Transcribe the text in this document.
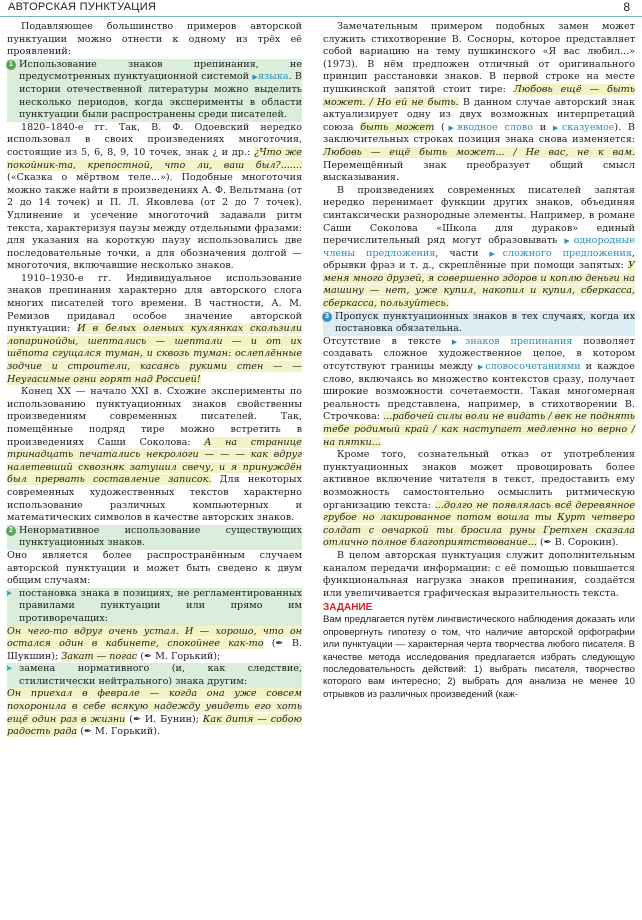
АВТОРСКАЯ ПУНКТУАЦИЯ	8

Подавляющее большинство примеров авторской пунктуации можно отнести к одному из трёх её проявлений:

1 Использование знаков препинания, не предусмотренных пунктуационной системой ▶языка. В истории отечественной литературы можно выделить несколько периодов, когда эксперименты в области пунктуации были распространены среди писателей.

1820–1840-е гг. Так, В. Ф. Одоевский нередко использовал в своих произведениях многоточия, состоящие из 5, 6, 8, 9, 10 точек, знак ¿ и др.: ¿Что же покойник-та, крепостной, что ли, ваш был?....... («Сказка о мёртвом теле...»). Подобные многоточия можно также найти в произведениях А. Ф. Вельтмана (от 2 до 14 точек) и П. Л. Яковлева (от 2 до 7 точек). Удлинение и усечение многоточий задавали ритм текста, характеризуя паузы между отдельными фразами: для указания на короткую паузу использовались две последовательные точки, а для обозначения долгой — многоточия, включавшие несколько знаков.

1910–1930-е гг. Индивидуальное использование знаков препинания характерно для авторского слога многих писателей того времени. В частности, А. М. Ремизов придавал особое значение авторской пунктуации: И в белых оленьих кухлянках скользили лопаринойды, шептались — шептали — и от их шёпота сгущался туман, и сквозь туман: ослеплённые зодчие и строители, касаясь рукими стен — — Неугасимые огни горят над Россией!

Конец XX — начало XXI в. Схожие эксперименты по использованию пунктуационных знаков свойственны произведениям современных писателей. Так, помещённые подряд тире можно встретить в произведениях Саши Соколова: А на странице тринадцать печатались некрологи — — — как вдруг налетевший сквозняк затушил свечу, и я принуждён был прервать составление записок. Для некоторых современных художественных текстов характерно использование различных компьютерных и математических символов в качестве авторских знаков.

2 Ненормативное использование существующих пунктуационных знаков.

Оно является более распространённым случаем авторской пунктуации и может быть сведено к двум общим случаям:

➤ постановка знака в позициях, не регламентированных правилами пунктуации или прямо им противоречащих:

Он чего-то вдруг очень устал. И — хорошо, что он остался один в кабинете, спокойнее как-то (✒ В. Шукшин); Закат — погас (✒ М. Горький);

➤ замена нормативного (и, как следствие, стилистически нейтрального) знака другим:

Он приехал в феврале — когда она уже совсем похоронила в себе всякую надежду увидеть его хоть ещё один раз в жизни (✒ И. Бунин); Как дитя — собою радость рада (✒ М. Горький).

Замечательным примером подобных замен может служить стихотворение В. Сосноры, которое представляет собой вариацию на тему пушкинского «Я вас любил...» (1973). В нём предложен отличный от оригинального принцип расстановки знаков. В первой строке на месте пушкинской запятой стоит тире: Любовь ещё — быть может. / Но ей не быть. В данном случае авторский знак актуализирует одну из двух возможных интерпретаций союза быть может (▶вводное слово и ▶сказуемое). В заключительных строках позиция знака снова изменяется: Любовь — ещё быть может... / Не вас, не к вам. Перемещённый знак преобразует общий смысл высказывания.

В произведениях современных писателей запятая нередко перенимает функции других знаков, объединяя синтаксически разнородные элементы. Например, в романе Саши Соколова «Школа для дураков» единый перечислительный ряд могут образовывать ▶однородные члены предложения, части ▶сложного предложения, обрывки фраз и т. д., скреплённые при помощи запятых: У меня много друзей, я совершенно здоров и коплю деньги на машину — нет, уже купил, накопил и купил, сберкасса, сберкасса, пользуйтесь.

3 Пропуск пунктуационных знаков в тех случаях, когда их постановка обязательна.

Отсутствие в тексте ▶знаков препинания позволяет создавать сложное художественное целое, в котором отсутствуют границы между ▶словосочетаниями и каждое слово, включаясь во множество контекстов сразу, получает широкие возможности сочетаемости. Такая многомерная реальность представлена, например, в стихотворении В. Строчкова: ...рабочей силы воли не видать / век не поднять тебе родимый край / как наступает медленно но верно / на пятки...

Кроме того, сознательный отказ от употребления пунктуационных знаков может провоцировать более активное включение читателя в текст, предоставить ему возможность самостоятельно осмыслить ритмическую организацию текста: ...долго не появлялась всё деревянное грубое но лакированное потом вошла ты Курт четверо солдат с овчаркой ты бросила руны Гретхен сказала отлично полное благоприятствование... (✒ В. Сорокин).

В целом авторская пунктуация служит дополнительным каналом передачи информации: с её помощью повышается функциональная нагрузка знаков препинания, создаётся или увеличивается графическая выразительность текста.

ЗАДАНИЕ
Вам предлагается путём лингвистического наблюдения доказать или опровергнуть гипотезу о том, что наличие авторской орфографии или пунктуации — характерная черта творчества любого писателя. В качестве метода исследования предлагается избрать следующую последовательность действий: 1) выбрать писателя, творчество которого вам интересно; 2) выбрать для анализа не менее 10 отрывков из различных произведений (каж-
